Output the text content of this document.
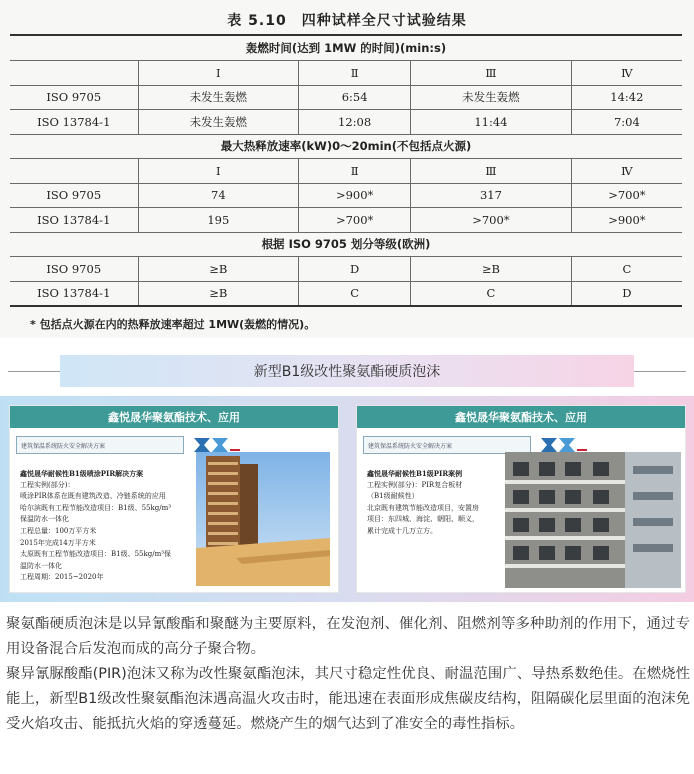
表 5.10　四种试样全尺寸试验结果
轰燃时间(达到 1MW 的时间)(min:s)				
	Ⅰ	Ⅱ	Ⅲ	Ⅳ
ISO 9705	未发生轰燃	6:54	未发生轰燃	14:42
ISO 13784-1	未发生轰燃	12:08	11:44	7:04
最大热释放速率(kW)0～20min(不包括点火源)				
	Ⅰ	Ⅱ	Ⅲ	Ⅳ
ISO 9705	74	>900*	317	>700*
ISO 13784-1	195	>700*	>700*	>900*
根据 ISO 9705 划分等级(欧洲)				
ISO 9705	≥B	D	≥B	C
ISO 13784-1	≥B	C	C	D
* 包括点火源在内的热释放速率超过 1MW(轰燃的情况)。
新型B1级改性聚氨酯硬质泡沫
鑫悦晟华聚氨酯技术、应用
建筑保温系统防火安全解决方案
鑫悦晟华耐候性B1级喷涂PIR解决方案
工程实例(部分)：
喷涂PIR体系在既有建筑改造、冷链系统的应用
哈尔滨既有工程节能改造项目：B1级、55kg/m³
保温防水一体化
工程总量：100万平方米
2015年完成14万平方米
太原既有工程节能改造项目：B1级、55kg/m³保
温防水一体化
工程周期：2015~2020年
鑫悦晟华聚氨酯技术、应用
建筑保温系统防火安全解决方案
鑫悦晟华耐候性B1级PIR案例
工程实例(部分)：PIR复合板材
（B1级耐候性）
北京既有建筑节能改造项目，安置房
项目：东四城、海淀、朝阳、顺义，
累计完成十几万立方。

聚氨酯硬质泡沫是以异氰酸酯和聚醚为主要原料，在发泡剂、催化剂、阻燃剂等多种助剂的作用下，通过专用设备混合后发泡而成的高分子聚合物。

聚异氰脲酸酯(PIR)泡沫又称为改性聚氨酯泡沫，其尺寸稳定性优良、耐温范围广、导热系数绝佳。在燃烧性能上，新型B1级改性聚氨酯泡沫遇高温火攻击时，能迅速在表面形成焦碳皮结构，阻隔碳化层里面的泡沫免受火焰攻击、能抵抗火焰的穿透蔓延。燃烧产生的烟气达到了准安全的毒性指标。
